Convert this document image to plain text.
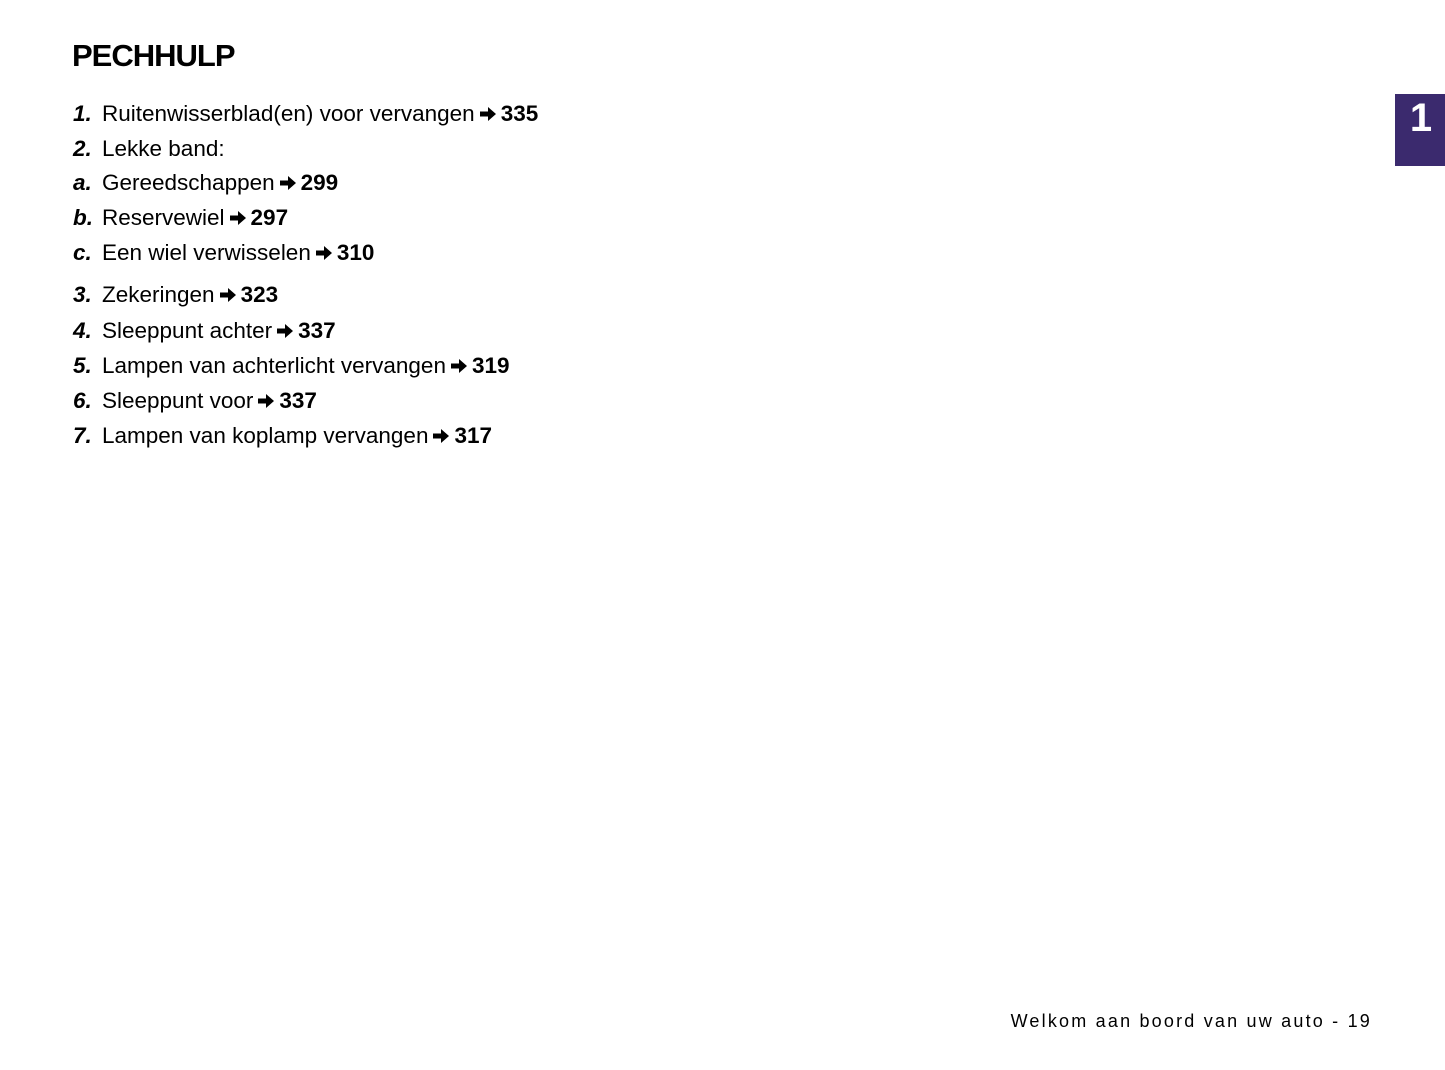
PECHHULP
1. Ruitenwisserblad(en) voor vervangen 335
2. Lekke band:
a. Gereedschappen 299
b. Reservewiel 297
c. Een wiel verwisselen 310
3. Zekeringen 323
4. Sleeppunt achter 337
5. Lampen van achterlicht vervangen 319
6. Sleeppunt voor 337
7. Lampen van koplamp vervangen 317
1
Welkom aan boord van uw auto - 19
